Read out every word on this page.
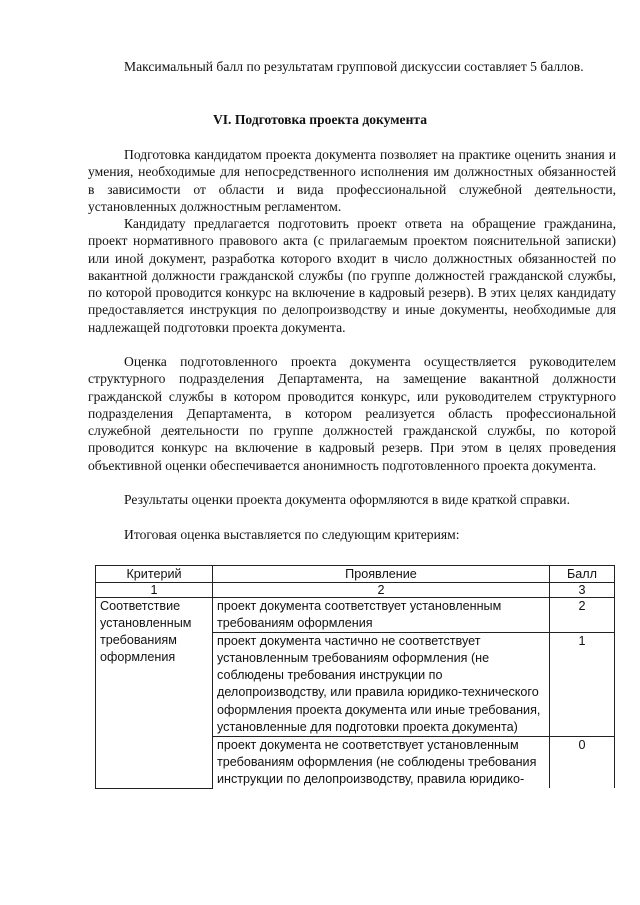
Максимальный балл по результатам групповой дискуссии составляет 5 баллов.

VI. Подготовка проекта документа

Подготовка кандидатом проекта документа позволяет на практике оценить знания и умения, необходимые для непосредственного исполнения им должностных обязанностей в зависимости от области и вида профессиональной служебной деятельности, установленных должностным регламентом.

Кандидату предлагается подготовить проект ответа на обращение гражданина, проект нормативного правового акта (с прилагаемым проектом пояснительной записки) или иной документ, разработка которого входит в число должностных обязанностей по вакантной должности гражданской службы (по группе должностей гражданской службы, по которой проводится конкурс на включение в кадровый резерв). В этих целях кандидату предоставляется инструкция по делопроизводству и иные документы, необходимые для надлежащей подготовки проекта документа.

Оценка подготовленного проекта документа осуществляется руководителем структурного подразделения Департамента, на замещение вакантной должности гражданской службы в котором проводится конкурс, или руководителем структурного подразделения Департамента, в котором реализуется область профессиональной служебной деятельности по группе должностей гражданской службы, по которой проводится конкурс на включение в кадровый резерв. При этом в целях проведения объективной оценки обеспечивается анонимность подготовленного проекта документа.

Результаты оценки проекта документа оформляются в виде краткой справки.

Итоговая оценка выставляется по следующим критериям:

Критерий	Проявление	Балл
1	2	3
Соответствие установленным требованиям оформления	проект документа соответствует установленным требованиям оформления	2
	проект документа частично не соответствует установленным требованиям оформления (не соблюдены требования инструкции по делопроизводству, или правила юридико-технического оформления проекта документа или иные требования, установленные для подготовки проекта документа)	1
	проект документа не соответствует установленным требованиям оформления (не соблюдены требования инструкции по делопроизводству, правила юридико-	0
